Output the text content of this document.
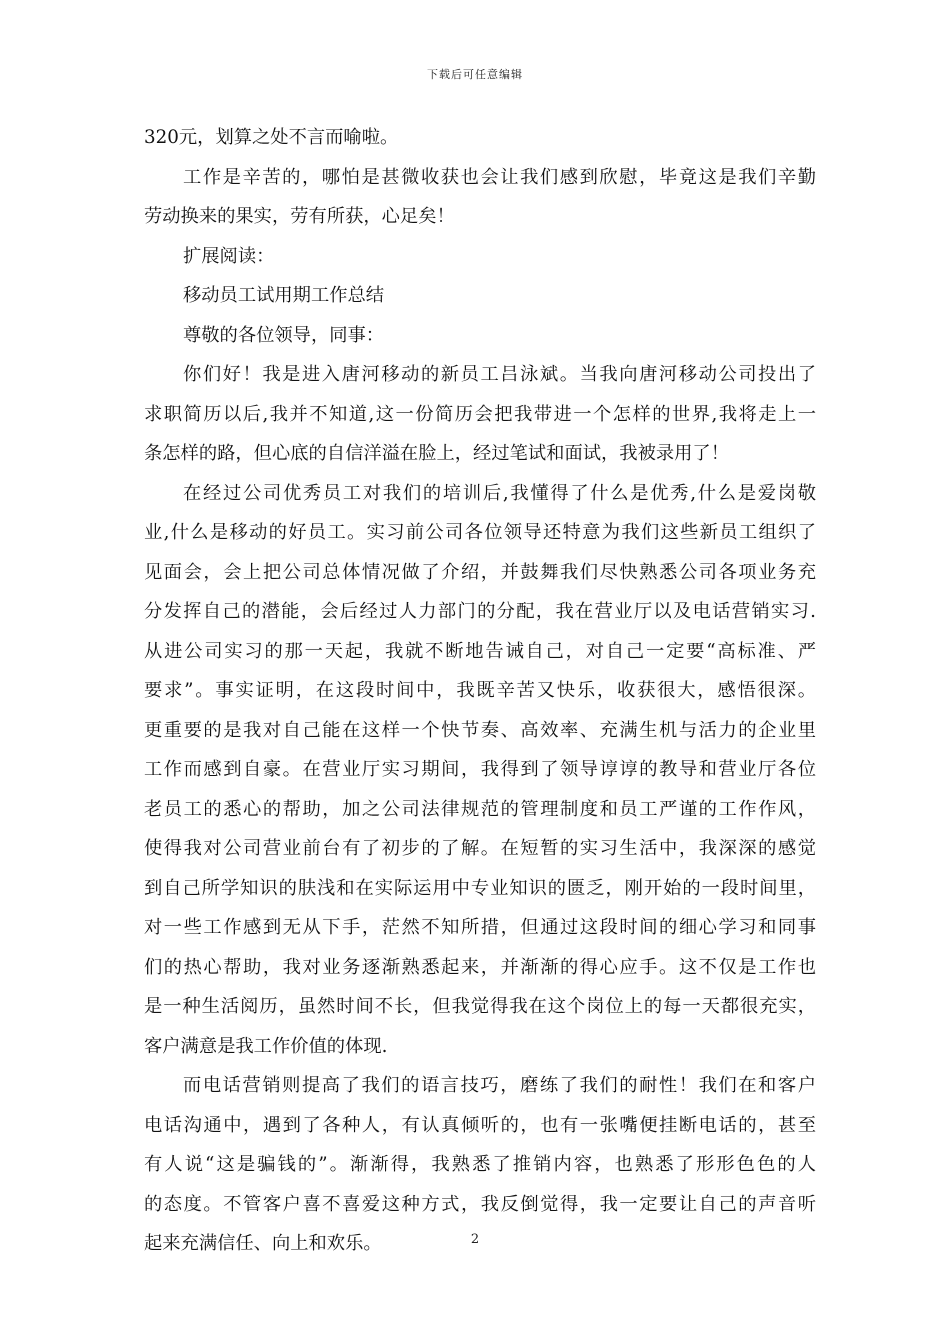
下载后可任意编辑
320元，划算之处不言而喻啦。
工作是辛苦的，哪怕是甚微收获也会让我们感到欣慰，毕竟这是我们辛勤
劳动换来的果实，劳有所获，心足矣！
扩展阅读：
移动员工试用期工作总结
尊敬的各位领导，同事：
你们好！我是进入唐河移动的新员工吕泳斌。当我向唐河移动公司投出了
求职简历以后,我并不知道,这一份简历会把我带进一个怎样的世界,我将走上一
条怎样的路，但心底的自信洋溢在脸上，经过笔试和面试，我被录用了！
在经过公司优秀员工对我们的培训后,我懂得了什么是优秀,什么是爱岗敬
业,什么是移动的好员工。实习前公司各位领导还特意为我们这些新员工组织了
见面会，会上把公司总体情况做了介绍，并鼓舞我们尽快熟悉公司各项业务充
分发挥自己的潜能，会后经过人力部门的分配，我在营业厅以及电话营销实习.
从进公司实习的那一天起，我就不断地告诫自己，对自己一定要“高标准、严
要求”。事实证明，在这段时间中，我既辛苦又快乐，收获很大，感悟很深。
更重要的是我对自己能在这样一个快节奏、高效率、充满生机与活力的企业里
工作而感到自豪。在营业厅实习期间，我得到了领导谆谆的教导和营业厅各位
老员工的悉心的帮助，加之公司法律规范的管理制度和员工严谨的工作作风，
使得我对公司营业前台有了初步的了解。在短暂的实习生活中，我深深的感觉
到自己所学知识的肤浅和在实际运用中专业知识的匮乏，刚开始的一段时间里，
对一些工作感到无从下手，茫然不知所措，但通过这段时间的细心学习和同事
们的热心帮助，我对业务逐渐熟悉起来，并渐渐的得心应手。这不仅是工作也
是一种生活阅历，虽然时间不长，但我觉得我在这个岗位上的每一天都很充实，
客户满意是我工作价值的体现.
而电话营销则提高了我们的语言技巧，磨练了我们的耐性！我们在和客户
电话沟通中，遇到了各种人，有认真倾听的，也有一张嘴便挂断电话的，甚至
有人说“这是骗钱的”。渐渐得，我熟悉了推销内容，也熟悉了形形色色的人
的态度。不管客户喜不喜爱这种方式，我反倒觉得，我一定要让自己的声音听
起来充满信任、向上和欢乐。	2
